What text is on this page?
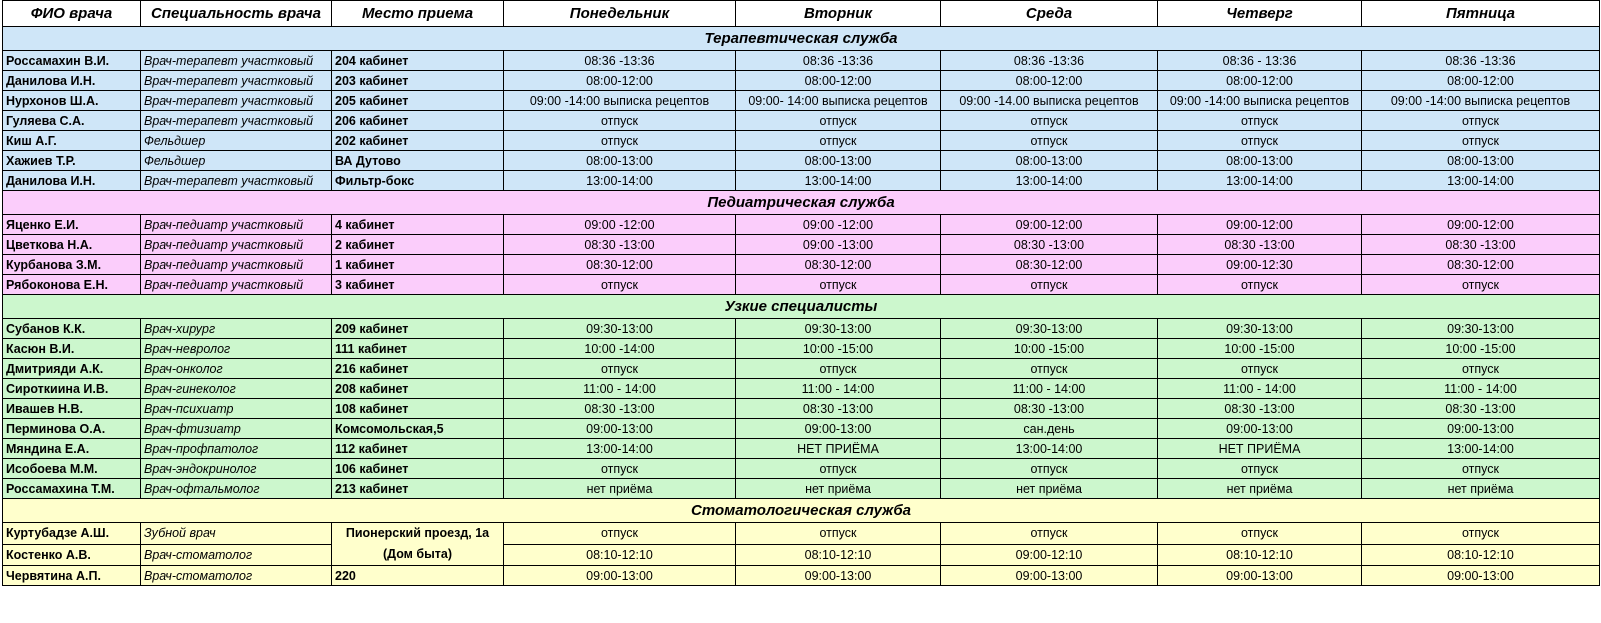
ФИО врача	Специальность врача	Место приема	Понедельник	Вторник	Среда	Четверг	Пятница
Терапевтическая служба							
Россамахин В.И.	Врач-терапевт участковый	204 кабинет	08:36 -13:36	08:36 -13:36	08:36 -13:36	08:36 - 13:36	08:36 -13:36
Данилова И.Н.	Врач-терапевт участковый	203 кабинет	08:00-12:00	08:00-12:00	08:00-12:00	08:00-12:00	08:00-12:00
Нурхонов Ш.А.	Врач-терапевт участковый	205 кабинет	09:00 -14:00 выписка рецептов	09:00- 14:00 выписка рецептов	09:00 -14.00 выписка рецептов	09:00 -14:00 выписка рецептов	09:00 -14:00 выписка рецептов
Гуляева С.А.	Врач-терапевт участковый	206 кабинет	отпуск	отпуск	отпуск	отпуск	отпуск
Киш А.Г.	Фельдшер	202 кабинет	отпуск	отпуск	отпуск	отпуск	отпуск
Хажиев Т.Р.	Фельдшер	ВА Дутово	08:00-13:00	08:00-13:00	08:00-13:00	08:00-13:00	08:00-13:00
Данилова И.Н.	Врач-терапевт участковый	Фильтр-бокс	13:00-14:00	13:00-14:00	13:00-14:00	13:00-14:00	13:00-14:00
Педиатрическая служба							
Яценко Е.И.	Врач-педиатр участковый	4 кабинет	09:00 -12:00	09:00 -12:00	09:00-12:00	09:00-12:00	09:00-12:00
Цветкова Н.А.	Врач-педиатр участковый	2 кабинет	08:30 -13:00	09:00 -13:00	08:30 -13:00	08:30 -13:00	08:30 -13:00
Курбанова З.М.	Врач-педиатр участковый	1 кабинет	08:30-12:00	08:30-12:00	08:30-12:00	09:00-12:30	08:30-12:00
Рябоконова Е.Н.	Врач-педиатр участковый	3 кабинет	отпуск	отпуск	отпуск	отпуск	отпуск
Узкие специалисты							
Субанов К.К.	Врач-хирург	209 кабинет	09:30-13:00	09:30-13:00	09:30-13:00	09:30-13:00	09:30-13:00
Касюн В.И.	Врач-невролог	111 кабинет	10:00 -14:00	10:00 -15:00	10:00 -15:00	10:00 -15:00	10:00 -15:00
Дмитрияди А.К.	Врач-онколог	216 кабинет	отпуск	отпуск	отпуск	отпуск	отпуск
Сироткиина И.В.	Врач-гинеколог	208 кабинет	11:00 - 14:00	11:00 - 14:00	11:00 - 14:00	11:00 - 14:00	11:00 - 14:00
Ивашев Н.В.	Врач-психиатр	108 кабинет	08:30 -13:00	08:30 -13:00	08:30 -13:00	08:30 -13:00	08:30 -13:00
Перминова О.А.	Врач-фтизиатр	Комсомольская,5	09:00-13:00	09:00-13:00	сан.день	09:00-13:00	09:00-13:00
Мяндина Е.А.	Врач-профпатолог	112 кабинет	13:00-14:00	НЕТ ПРИЁМА	13:00-14:00	НЕТ ПРИЁМА	13:00-14:00
Исобоева М.М.	Врач-эндокринолог	106 кабинет	отпуск	отпуск	отпуск	отпуск	отпуск
Россамахина Т.М.	Врач-офтальмолог	213 кабинет	нет приёма	нет приёма	нет приёма	нет приёма	нет приёма
Стоматологическая служба							
Куртубадзе А.Ш.	Зубной врач	Пионерский проезд, 1а (Дом быта)	отпуск	отпуск	отпуск	отпуск	отпуск
Костенко А.В.	Врач-стоматолог		08:10-12:10	08:10-12:10	09:00-12:10	08:10-12:10	08:10-12:10
Червятина А.П.	Врач-стоматолог	220	09:00-13:00	09:00-13:00	09:00-13:00	09:00-13:00	09:00-13:00
